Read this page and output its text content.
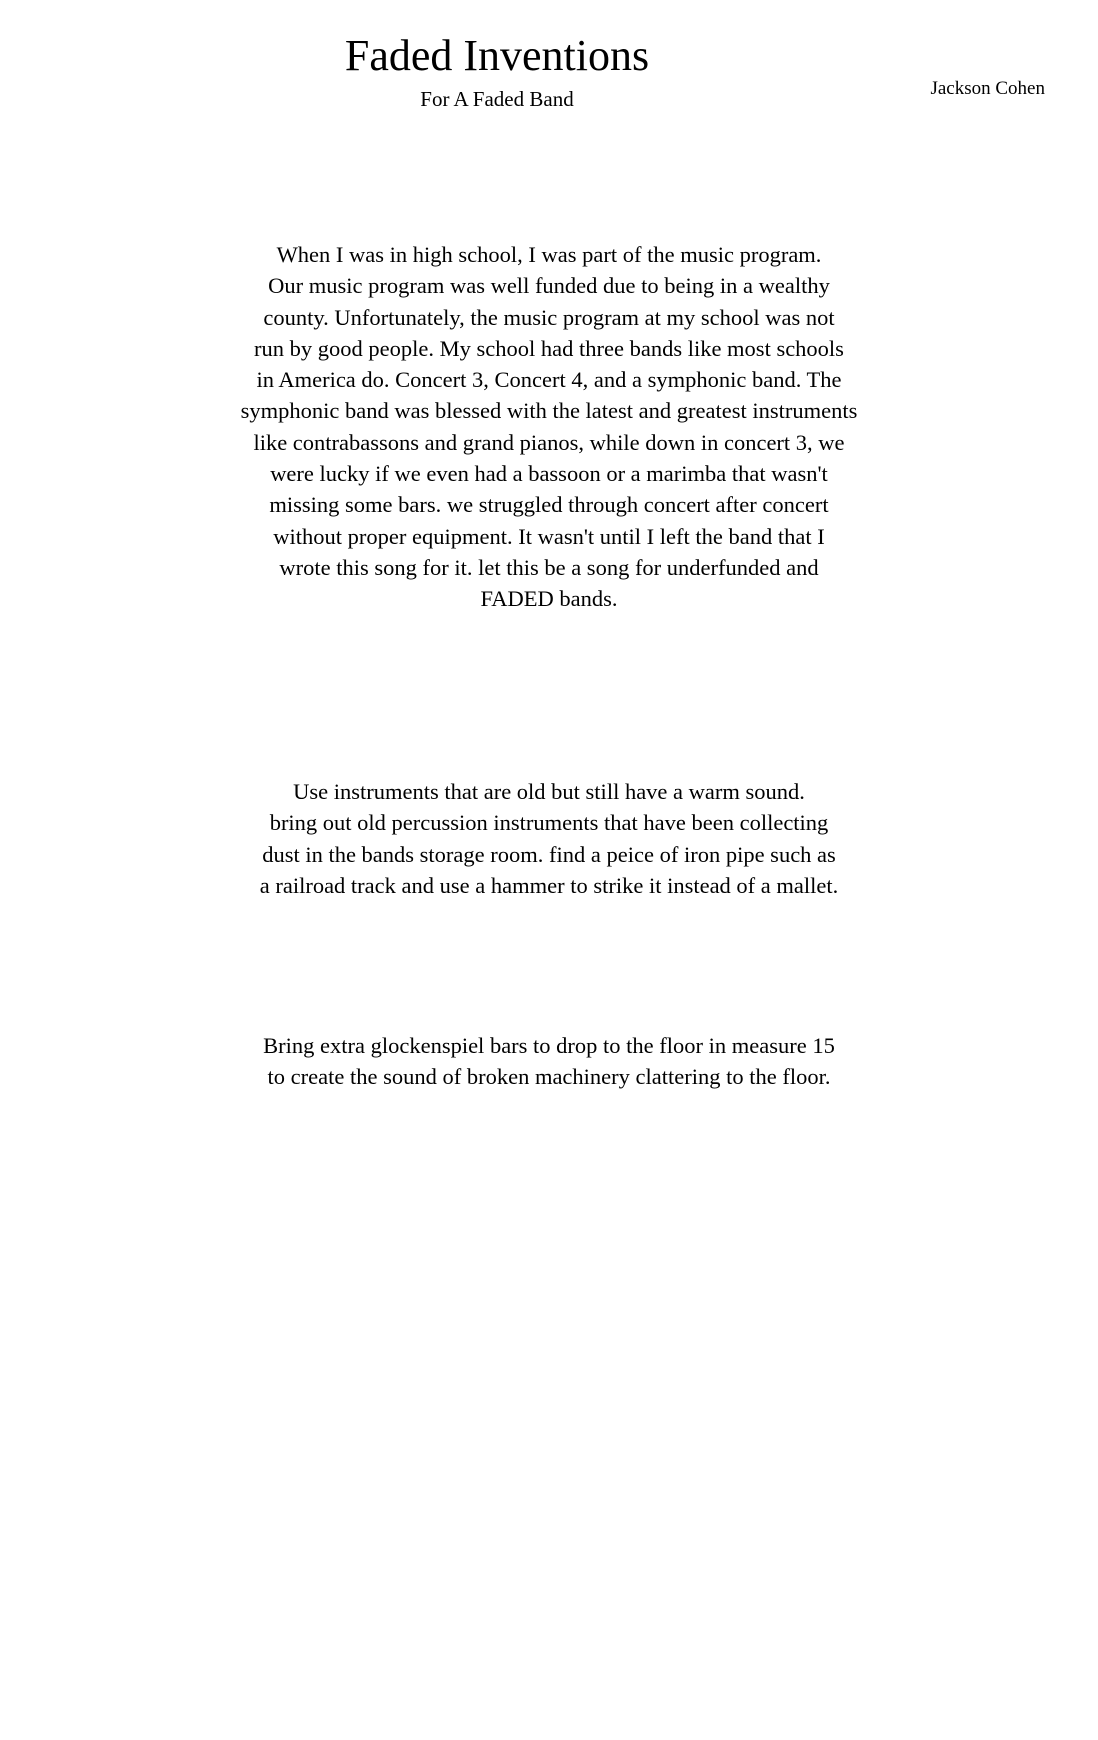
Faded Inventions
For A Faded Band	Jackson Cohen
When I was in high school, I was part of the music program.
Our music program was well funded due to being in a wealthy
county. Unfortunately, the music program at my school was not
run by good people. My school had three bands like most schools
in America do. Concert 3, Concert 4, and a symphonic band. The
symphonic band was blessed with the latest and greatest instruments
like contrabassons and grand pianos, while down in concert 3, we
were lucky if we even had a bassoon or a marimba that wasn't
missing some bars. we struggled through concert after concert
without proper equipment. It wasn't until I left the band that I
wrote this song for it. let this be a song for underfunded and
FADED bands.
Use instruments that are old but still have a warm sound.
bring out old percussion instruments that have been collecting
dust in the bands storage room. find a peice of iron pipe such as
a railroad track and use a hammer to strike it instead of a mallet.
Bring extra glockenspiel bars to drop to the floor in measure 15
to create the sound of broken machinery clattering to the floor.
